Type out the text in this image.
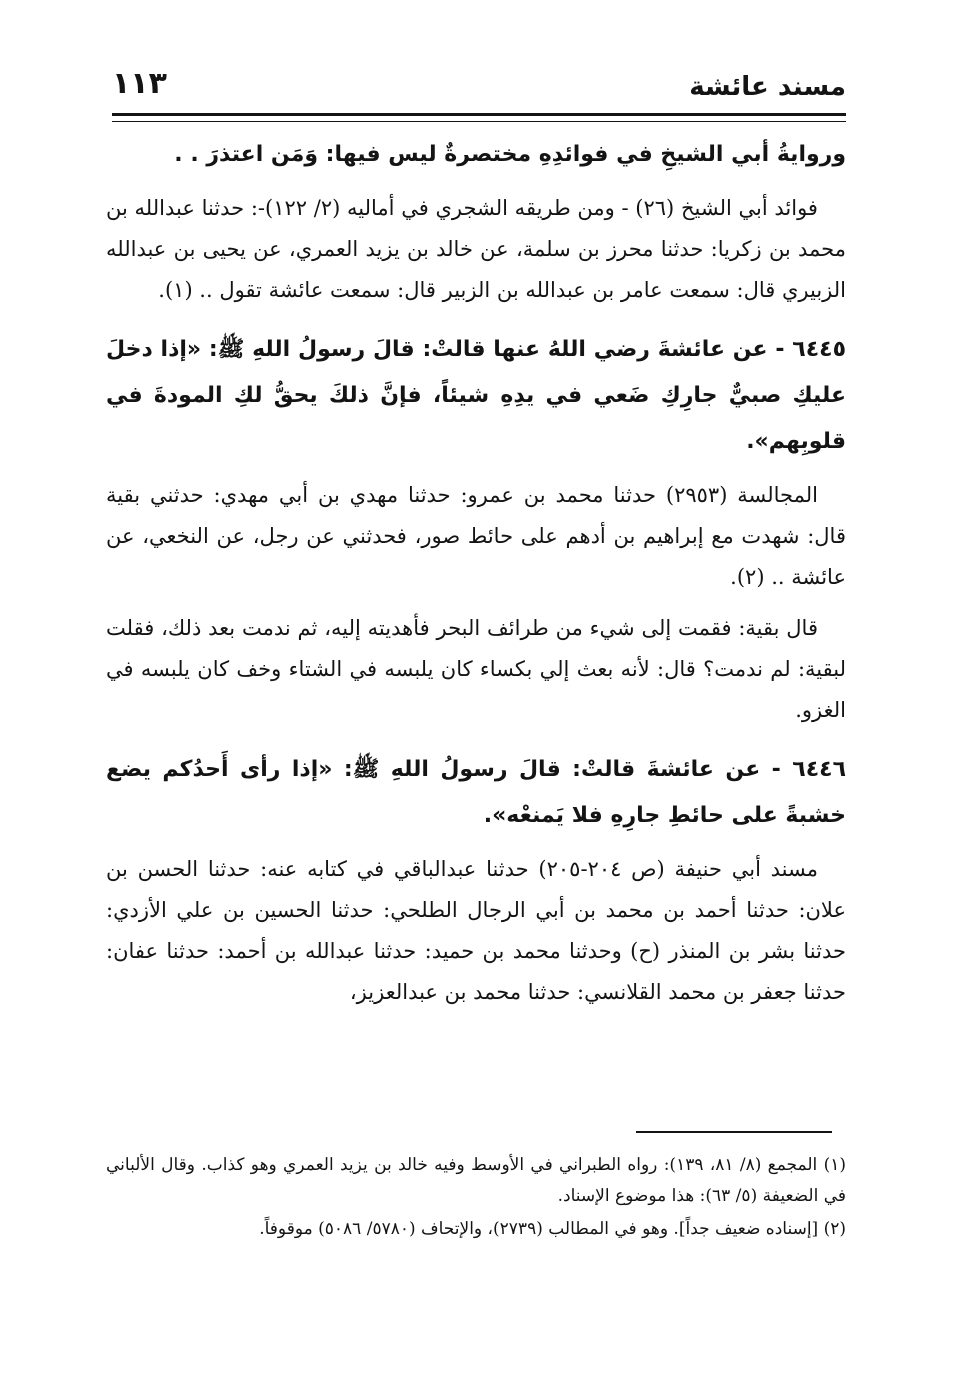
مسند عائشة
١١٣

وروايةُ أبي الشيخِ في فوائدِهِ مختصرةٌ ليس فيها: وَمَن اعتذرَ . .

فوائد أبي الشيخ (٢٦) - ومن طريقه الشجري في أماليه (٢/ ١٢٢)-: حدثنا عبدالله بن محمد بن زكريا: حدثنا محرز بن سلمة، عن خالد بن يزيد العمري، عن يحيى بن عبدالله الزبيري قال: سمعت عامر بن عبدالله بن الزبير قال: سمعت عائشة تقول .. (١).

٦٤٤٥ - عن عائشةَ رضي اللهُ عنها قالتْ: قالَ رسولُ اللهِ ﷺ: «إذا دخلَ عليكِ صبيٌّ جارِكِ ضَعي في يدِهِ شيئاً، فإنَّ ذلكَ يحقُّ لكِ المودةَ في قلوبِهم».

المجالسة (٢٩٥٣) حدثنا محمد بن عمرو: حدثنا مهدي بن أبي مهدي: حدثني بقية قال: شهدت مع إبراهيم بن أدهم على حائط صور، فحدثني عن رجل، عن النخعي، عن عائشة .. (٢).

قال بقية: فقمت إلى شيء من طرائف البحر فأهديته إليه، ثم ندمت بعد ذلك، فقلت لبقية: لم ندمت؟ قال: لأنه بعث إلي بكساء كان يلبسه في الشتاء وخف كان يلبسه في الغزو.

٦٤٤٦ - عن عائشةَ قالتْ: قالَ رسولُ اللهِ ﷺ: «إذا رأى أَحدُكم يضع خشبةً على حائطِ جارِهِ فلا يَمنعْه».

مسند أبي حنيفة (ص ٢٠٤-٢٠٥) حدثنا عبدالباقي في كتابه عنه: حدثنا الحسن بن علان: حدثنا أحمد بن محمد بن أبي الرجال الطلحي: حدثنا الحسين بن علي الأزدي: حدثنا بشر بن المنذر (ح) وحدثنا محمد بن حميد: حدثنا عبدالله بن أحمد: حدثنا عفان: حدثنا جعفر بن محمد القلانسي: حدثنا محمد بن عبدالعزيز،

(١) المجمع (٨/ ٨١، ١٣٩): رواه الطبراني في الأوسط وفيه خالد بن يزيد العمري وهو كذاب. وقال الألباني في الضعيفة (٥/ ٦٣): هذا موضوع الإسناد.

(٢) [إسناده ضعيف جداً]. وهو في المطالب (٢٧٣٩)، والإتحاف (٥٧٨٠/ ٥٠٨٦) موقوفاً.
